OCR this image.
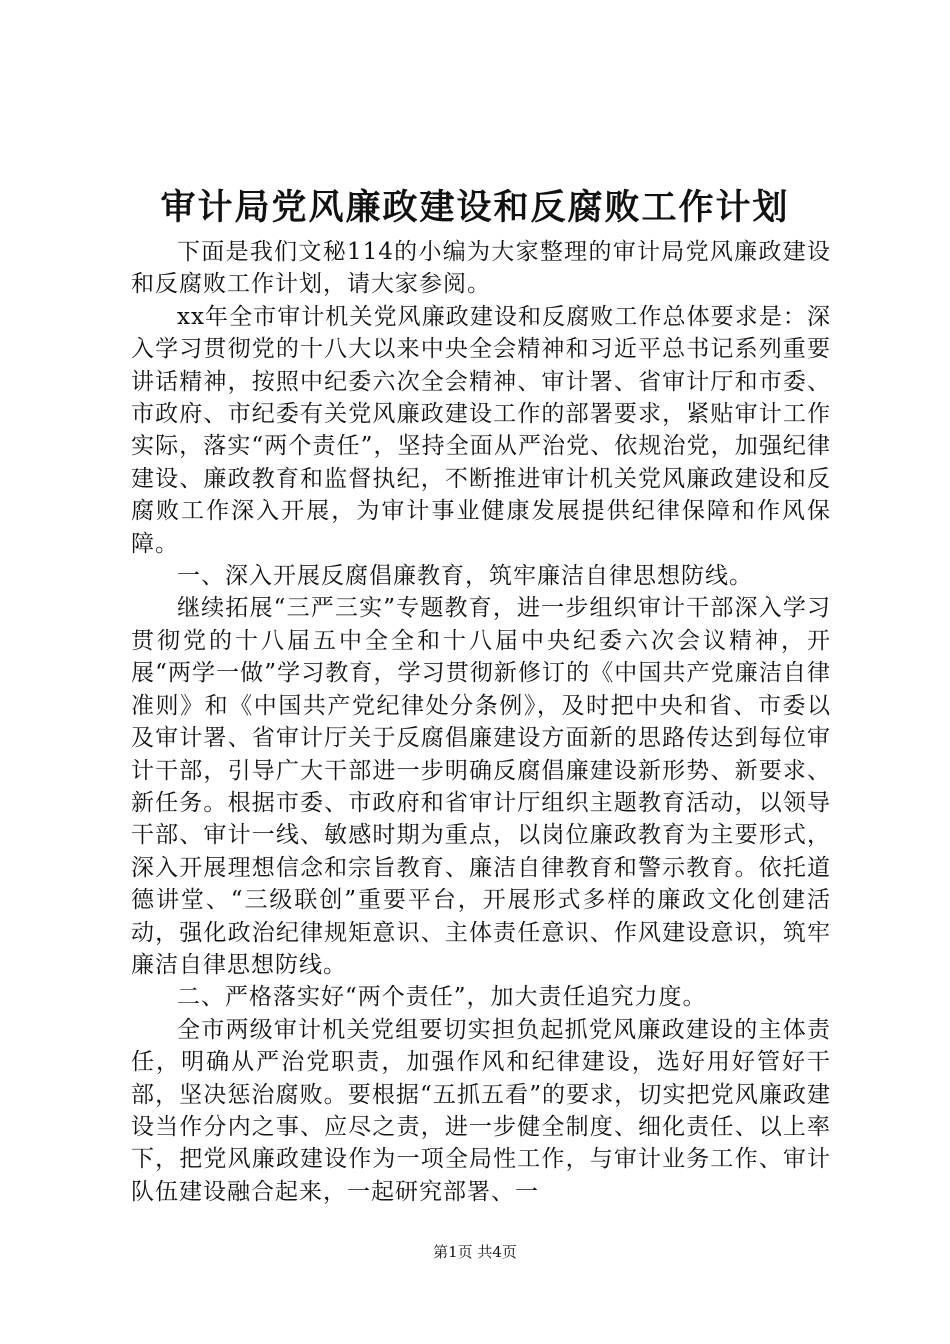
审计局党风廉政建设和反腐败工作计划

下面是我们文秘114的小编为大家整理的审计局党风廉政建设和反腐败工作计划，请大家参阅。

xx年全市审计机关党风廉政建设和反腐败工作总体要求是：深入学习贯彻党的十八大以来中央全会精神和习近平总书记系列重要讲话精神，按照中纪委六次全会精神、审计署、省审计厅和市委、市政府、市纪委有关党风廉政建设工作的部署要求，紧贴审计工作实际，落实“两个责任”，坚持全面从严治党、依规治党，加强纪律建设、廉政教育和监督执纪，不断推进审计机关党风廉政建设和反腐败工作深入开展，为审计事业健康发展提供纪律保障和作风保障。

一、深入开展反腐倡廉教育，筑牢廉洁自律思想防线。

继续拓展“三严三实”专题教育，进一步组织审计干部深入学习贯彻党的十八届五中全全和十八届中央纪委六次会议精神，开展“两学一做”学习教育，学习贯彻新修订的《中国共产党廉洁自律准则》和《中国共产党纪律处分条例》，及时把中央和省、市委以及审计署、省审计厅关于反腐倡廉建设方面新的思路传达到每位审计干部，引导广大干部进一步明确反腐倡廉建设新形势、新要求、新任务。根据市委、市政府和省审计厅组织主题教育活动，以领导干部、审计一线、敏感时期为重点，以岗位廉政教育为主要形式，深入开展理想信念和宗旨教育、廉洁自律教育和警示教育。依托道德讲堂、“三级联创”重要平台，开展形式多样的廉政文化创建活动，强化政治纪律规矩意识、主体责任意识、作风建设意识，筑牢廉洁自律思想防线。

二、严格落实好“两个责任”，加大责任追究力度。

全市两级审计机关党组要切实担负起抓党风廉政建设的主体责任，明确从严治党职责，加强作风和纪律建设，选好用好管好干部，坚决惩治腐败。要根据“五抓五看”的要求，切实把党风廉政建设当作分内之事、应尽之责，进一步健全制度、细化责任、以上率下，把党风廉政建设作为一项全局性工作，与审计业务工作、审计队伍建设融合起来，一起研究部署、一

第1页 共4页
